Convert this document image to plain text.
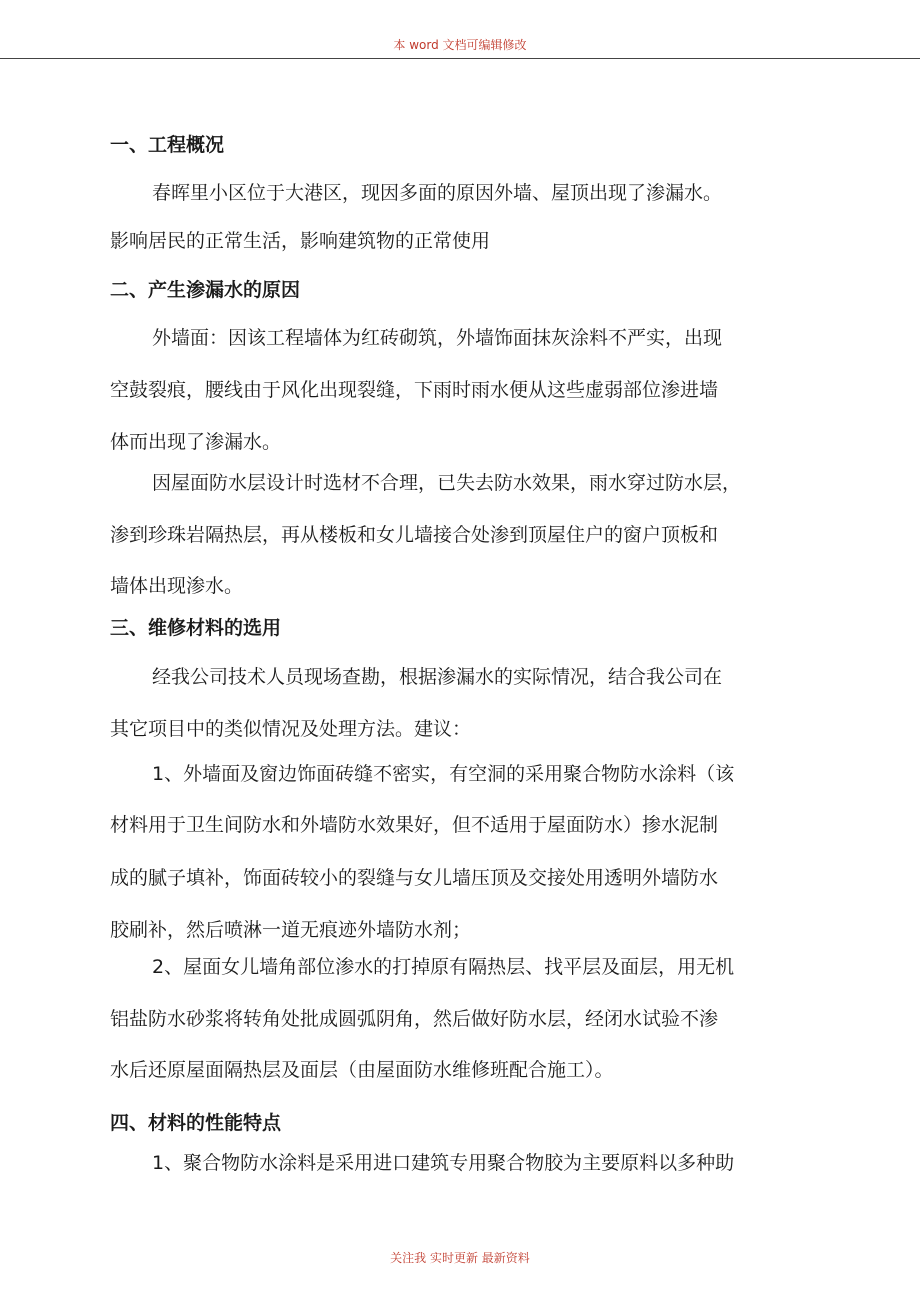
本 word 文档可编辑修改
一、工程概况
春晖里小区位于大港区，现因多面的原因外墙、屋顶出现了渗漏水。
影响居民的正常生活，影响建筑物的正常使用
二、产生渗漏水的原因
外墙面：因该工程墙体为红砖砌筑，外墙饰面抹灰涂料不严实，出现
空鼓裂痕，腰线由于风化出现裂缝，下雨时雨水便从这些虚弱部位渗进墙
体而出现了渗漏水。
因屋面防水层设计时选材不合理，已失去防水效果，雨水穿过防水层，
渗到珍珠岩隔热层，再从楼板和女儿墙接合处渗到顶屋住户的窗户顶板和
墙体出现渗水。
三、维修材料的选用
经我公司技术人员现场查勘，根据渗漏水的实际情况，结合我公司在
其它项目中的类似情况及处理方法。建议：
1、外墙面及窗边饰面砖缝不密实，有空洞的采用聚合物防水涂料（该
材料用于卫生间防水和外墙防水效果好，但不适用于屋面防水）掺水泥制
成的腻子填补，饰面砖较小的裂缝与女儿墙压顶及交接处用透明外墙防水
胶刷补，然后喷淋一道无痕迹外墙防水剂；
2、屋面女儿墙角部位渗水的打掉原有隔热层、找平层及面层，用无机
铝盐防水砂浆将转角处批成圆弧阴角，然后做好防水层，经闭水试验不渗
水后还原屋面隔热层及面层（由屋面防水维修班配合施工）。
四、材料的性能特点
1、聚合物防水涂料是采用进口建筑专用聚合物胶为主要原料以多种助
关注我 实时更新 最新资料
